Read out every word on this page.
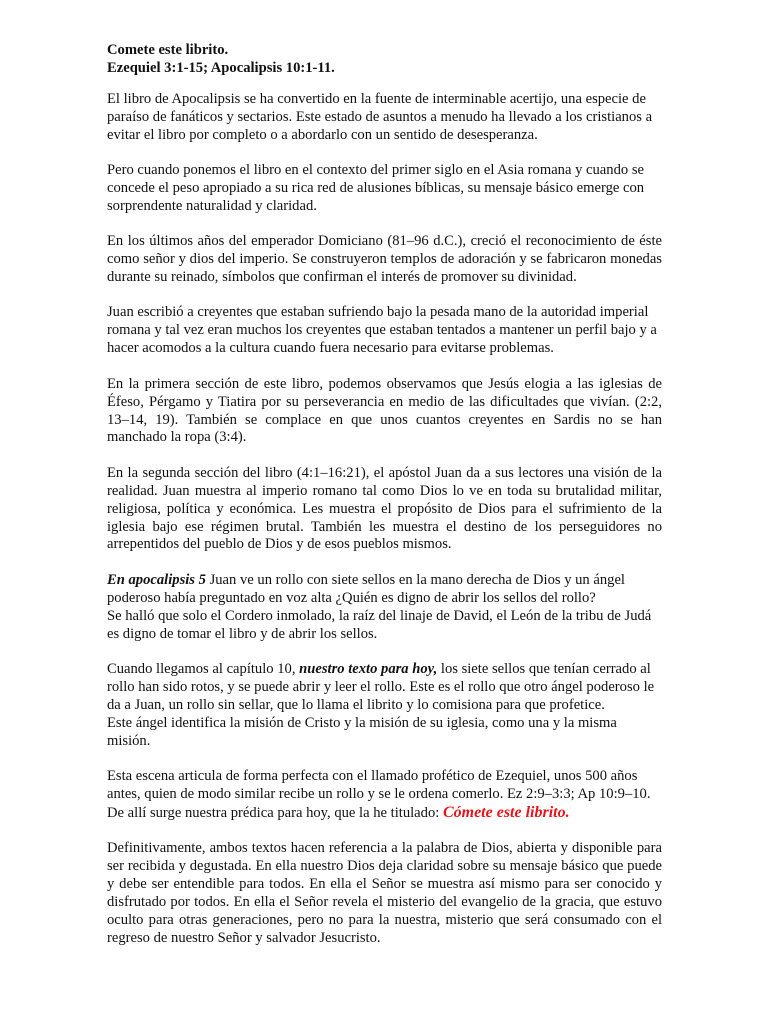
Comete este librito.
Ezequiel 3:1-15; Apocalipsis 10:1-11.

El libro de Apocalipsis se ha convertido en la fuente de interminable acertijo, una especie de paraíso de fanáticos y sectarios. Este estado de asuntos a menudo ha llevado a los cristianos a evitar el libro por completo o a abordarlo con un sentido de desesperanza.

Pero cuando ponemos el libro en el contexto del primer siglo en el Asia romana y cuando se concede el peso apropiado a su rica red de alusiones bíblicas, su mensaje básico emerge con sorprendente naturalidad y claridad.

En los últimos años del emperador Domiciano (81–96 d.C.), creció el reconocimiento de éste como señor y dios del imperio. Se construyeron templos de adoración y se fabricaron monedas durante su reinado, símbolos que confirman el interés de promover su divinidad.

Juan escribió a creyentes que estaban sufriendo bajo la pesada mano de la autoridad imperial romana y tal vez eran muchos los creyentes que estaban tentados a mantener un perfil bajo y a hacer acomodos a la cultura cuando fuera necesario para evitarse problemas.

En la primera sección de este libro, podemos observamos que Jesús elogia a las iglesias de Éfeso, Pérgamo y Tiatira por su perseverancia en medio de las dificultades que vivían. (2:2, 13–14, 19). También se complace en que unos cuantos creyentes en Sardis no se han manchado la ropa (3:4).

En la segunda sección del libro (4:1–16:21), el apóstol Juan da a sus lectores una visión de la realidad. Juan muestra al imperio romano tal como Dios lo ve en toda su brutalidad militar, religiosa, política y económica. Les muestra el propósito de Dios para el sufrimiento de la iglesia bajo ese régimen brutal. También les muestra el destino de los perseguidores no arrepentidos del pueblo de Dios y de esos pueblos mismos.

En apocalipsis 5 Juan ve un rollo con siete sellos en la mano derecha de Dios y un ángel poderoso había preguntado en voz alta ¿Quién es digno de abrir los sellos del rollo?
Se halló que solo el Cordero inmolado, la raíz del linaje de David, el León de la tribu de Judá es digno de tomar el libro y de abrir los sellos.

Cuando llegamos al capítulo 10, nuestro texto para hoy, los siete sellos que tenían cerrado al rollo han sido rotos, y se puede abrir y leer el rollo. Este es el rollo que otro ángel poderoso le da a Juan, un rollo sin sellar, que lo llama el librito y lo comisiona para que profetice.
Este ángel identifica la misión de Cristo y la misión de su iglesia, como una y la misma misión.

Esta escena articula de forma perfecta con el llamado profético de Ezequiel, unos 500 años antes, quien de modo similar recibe un rollo y se le ordena comerlo. Ez 2:9–3:3; Ap 10:9–10. De allí surge nuestra prédica para hoy, que la he titulado: Cómete este librito.

Definitivamente, ambos textos hacen referencia a la palabra de Dios, abierta y disponible para ser recibida y degustada. En ella nuestro Dios deja claridad sobre su mensaje básico que puede y debe ser entendible para todos. En ella el Señor se muestra así mismo para ser conocido y disfrutado por todos. En ella el Señor revela el misterio del evangelio de la gracia, que estuvo oculto para otras generaciones, pero no para la nuestra, misterio que será consumado con el regreso de nuestro Señor y salvador Jesucristo.
